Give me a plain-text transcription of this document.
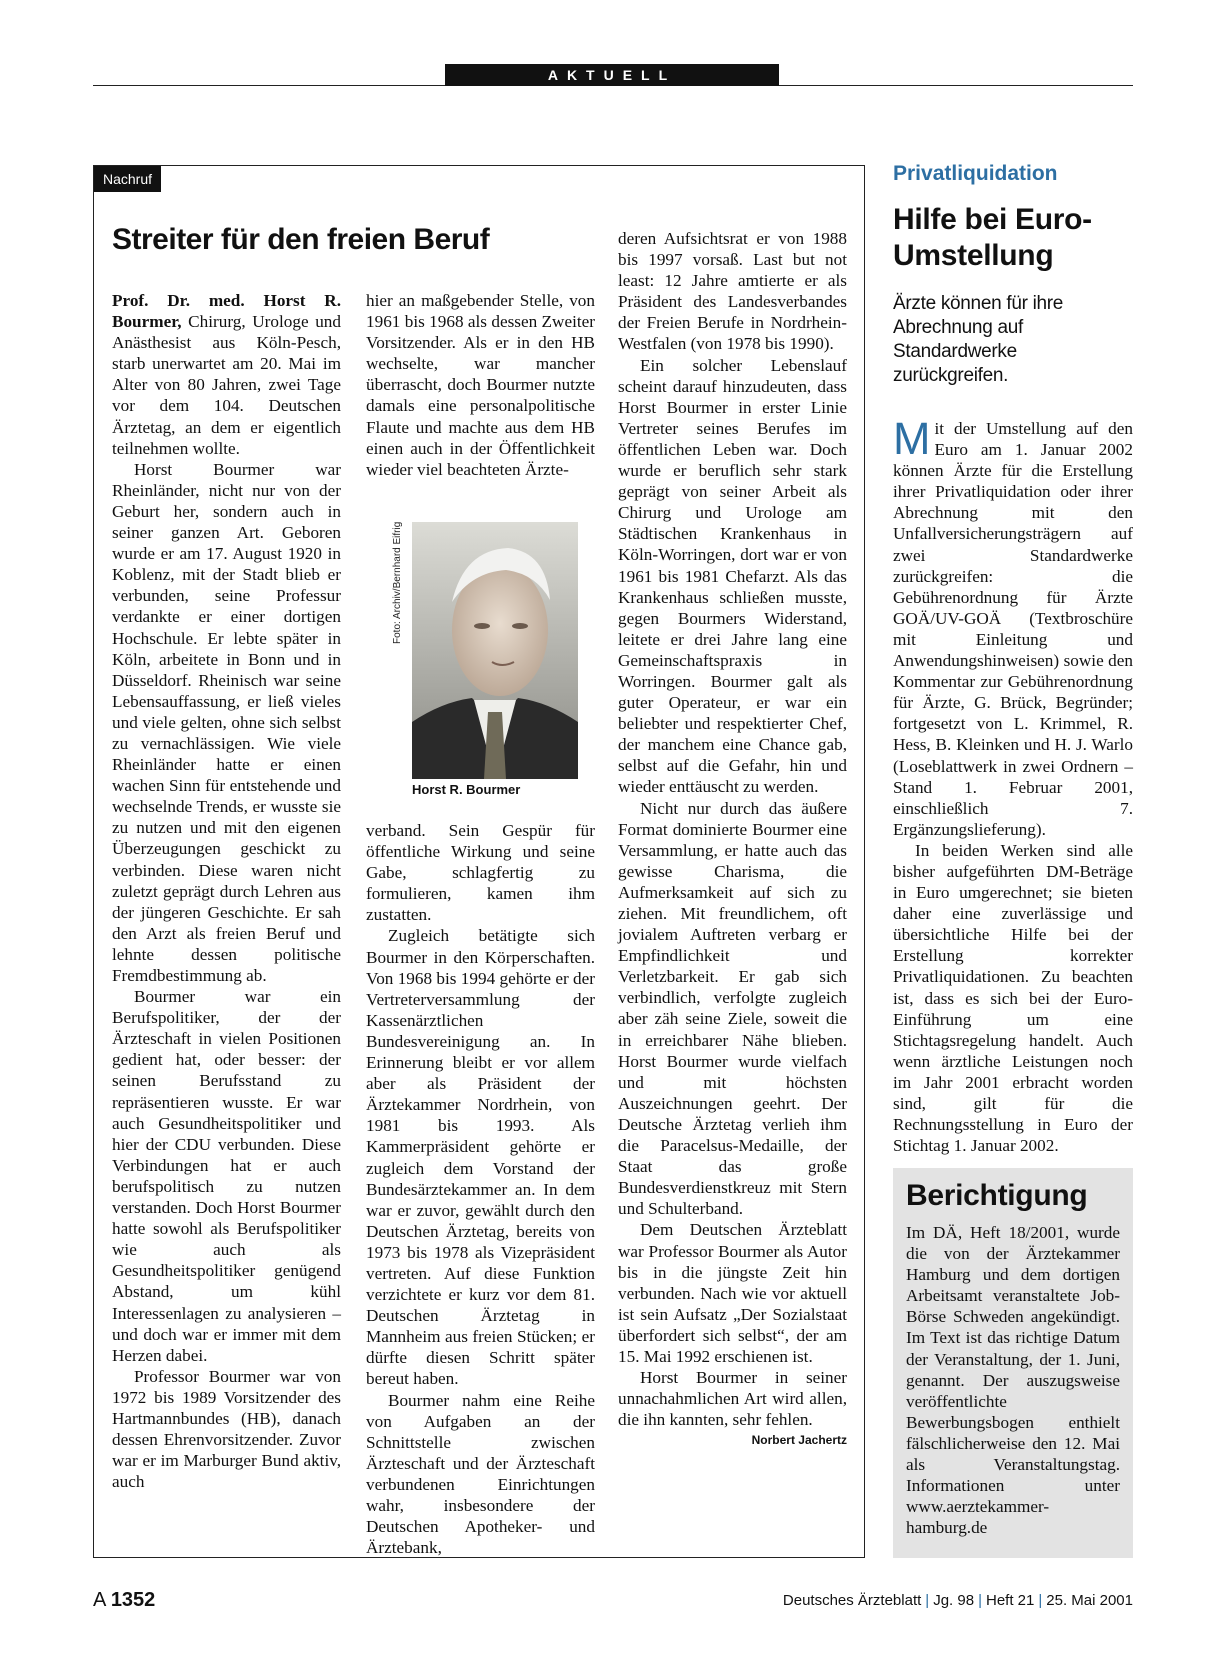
AKTUELL
Nachruf
Streiter für den freien Beruf

Prof. Dr. med. Horst R. Bourmer, Chirurg, Urologe und Anästhesist aus Köln-Pesch, starb unerwartet am 20. Mai im Alter von 80 Jahren, zwei Tage vor dem 104. Deutschen Ärztetag, an dem er eigentlich teilnehmen wollte.

Horst Bourmer war Rheinländer, nicht nur von der Geburt her, sondern auch in seiner ganzen Art. Geboren wurde er am 17. August 1920 in Koblenz, mit der Stadt blieb er verbunden, seine Professur verdankte er einer dortigen Hochschule. Er lebte später in Köln, arbeitete in Bonn und in Düsseldorf. Rheinisch war seine Lebensauffassung, er ließ vieles und viele gelten, ohne sich selbst zu vernachlässigen. Wie viele Rheinländer hatte er einen wachen Sinn für entstehende und wechselnde Trends, er wusste sie zu nutzen und mit den eigenen Überzeugungen geschickt zu verbinden. Diese waren nicht zuletzt geprägt durch Lehren aus der jüngeren Geschichte. Er sah den Arzt als freien Beruf und lehnte dessen politische Fremdbestimmung ab.

Bourmer war ein Berufspolitiker, der der Ärzteschaft in vielen Positionen gedient hat, oder besser: der seinen Berufsstand zu repräsentieren wusste. Er war auch Gesundheitspolitiker und hier der CDU verbunden. Diese Verbindungen hat er auch berufspolitisch zu nutzen verstanden. Doch Horst Bourmer hatte sowohl als Berufspolitiker wie auch als Gesundheitspolitiker genügend Abstand, um kühl Interessenlagen zu analysieren – und doch war er immer mit dem Herzen dabei.

Professor Bourmer war von 1972 bis 1989 Vorsitzender des Hartmannbundes (HB), danach dessen Ehrenvorsitzender. Zuvor war er im Marburger Bund aktiv, auch

hier an maßgebender Stelle, von 1961 bis 1968 als dessen Zweiter Vorsitzender. Als er in den HB wechselte, war mancher überrascht, doch Bourmer nutzte damals eine personalpolitische Flaute und machte aus dem HB einen auch in der Öffentlichkeit wieder viel beachteten Ärzte-

Foto: Archiv/Bernhard Eifrig
Horst R. Bourmer

verband. Sein Gespür für öffentliche Wirkung und seine Gabe, schlagfertig zu formulieren, kamen ihm zustatten.

Zugleich betätigte sich Bourmer in den Körperschaften. Von 1968 bis 1994 gehörte er der Vertreterversammlung der Kassenärztlichen Bundesvereinigung an. In Erinnerung bleibt er vor allem aber als Präsident der Ärztekammer Nordrhein, von 1981 bis 1993. Als Kammerpräsident gehörte er zugleich dem Vorstand der Bundesärztekammer an. In dem war er zuvor, gewählt durch den Deutschen Ärztetag, bereits von 1973 bis 1978 als Vizepräsident vertreten. Auf diese Funktion verzichtete er kurz vor dem 81. Deutschen Ärztetag in Mannheim aus freien Stücken; er dürfte diesen Schritt später bereut haben.

Bourmer nahm eine Reihe von Aufgaben an der Schnittstelle zwischen Ärzteschaft und der Ärzteschaft verbundenen Einrichtungen wahr, insbesondere der Deutschen Apotheker- und Ärztebank,

deren Aufsichtsrat er von 1988 bis 1997 vorsaß. Last but not least: 12 Jahre amtierte er als Präsident des Landesverbandes der Freien Berufe in Nordrhein-Westfalen (von 1978 bis 1990).

Ein solcher Lebenslauf scheint darauf hinzudeuten, dass Horst Bourmer in erster Linie Vertreter seines Berufes im öffentlichen Leben war. Doch wurde er beruflich sehr stark geprägt von seiner Arbeit als Chirurg und Urologe am Städtischen Krankenhaus in Köln-Worringen, dort war er von 1961 bis 1981 Chefarzt. Als das Krankenhaus schließen musste, gegen Bourmers Widerstand, leitete er drei Jahre lang eine Gemeinschaftspraxis in Worringen. Bourmer galt als guter Operateur, er war ein beliebter und respektierter Chef, der manchem eine Chance gab, selbst auf die Gefahr, hin und wieder enttäuscht zu werden.

Nicht nur durch das äußere Format dominierte Bourmer eine Versammlung, er hatte auch das gewisse Charisma, die Aufmerksamkeit auf sich zu ziehen. Mit freundlichem, oft jovialem Auftreten verbarg er Empfindlichkeit und Verletzbarkeit. Er gab sich verbindlich, verfolgte zugleich aber zäh seine Ziele, soweit die in erreichbarer Nähe blieben. Horst Bourmer wurde vielfach und mit höchsten Auszeichnungen geehrt. Der Deutsche Ärztetag verlieh ihm die Paracelsus-Medaille, der Staat das große Bundesverdienstkreuz mit Stern und Schulterband.

Dem Deutschen Ärzteblatt war Professor Bourmer als Autor bis in die jüngste Zeit hin verbunden. Nach wie vor aktuell ist sein Aufsatz „Der Sozialstaat überfordert sich selbst“, der am 15. Mai 1992 erschienen ist.

Horst Bourmer in seiner unnachahmlichen Art wird allen, die ihn kannten, sehr fehlen.
Norbert Jachertz

Privatliquidation
Hilfe bei Euro-Umstellung

Ärzte können für ihre Abrechnung auf Standardwerke zurückgreifen.

Mit der Umstellung auf den Euro am 1. Januar 2002 können Ärzte für die Erstellung ihrer Privatliquidation oder ihrer Abrechnung mit den Unfallversicherungsträgern auf zwei Standardwerke zurückgreifen: die Gebührenordnung für Ärzte GOÄ/UV-GOÄ (Textbroschüre mit Einleitung und Anwendungshinweisen) sowie den Kommentar zur Gebührenordnung für Ärzte, G. Brück, Begründer; fortgesetzt von L. Krimmel, R. Hess, B. Kleinken und H. J. Warlo (Loseblattwerk in zwei Ordnern – Stand 1. Februar 2001, einschließlich 7. Ergänzungslieferung).

In beiden Werken sind alle bisher aufgeführten DM-Beträge in Euro umgerechnet; sie bieten daher eine zuverlässige und übersichtliche Hilfe bei der Erstellung korrekter Privatliquidationen. Zu beachten ist, dass es sich bei der Euro-Einführung um eine Stichtagsregelung handelt. Auch wenn ärztliche Leistungen noch im Jahr 2001 erbracht worden sind, gilt für die Rechnungsstellung in Euro der Stichtag 1. Januar 2002.

Berichtigung

Im DÄ, Heft 18/2001, wurde die von der Ärztekammer Hamburg und dem dortigen Arbeitsamt veranstaltete Job-Börse Schweden angekündigt. Im Text ist das richtige Datum der Veranstaltung, der 1. Juni, genannt. Der auszugsweise veröffentlichte Bewerbungsbogen enthielt fälschlicherweise den 12. Mai als Veranstaltungstag. Informationen unter www.aerztekammer-hamburg.de

A 1352	Deutsches Ärzteblatt | Jg. 98 | Heft 21 | 25. Mai 2001
